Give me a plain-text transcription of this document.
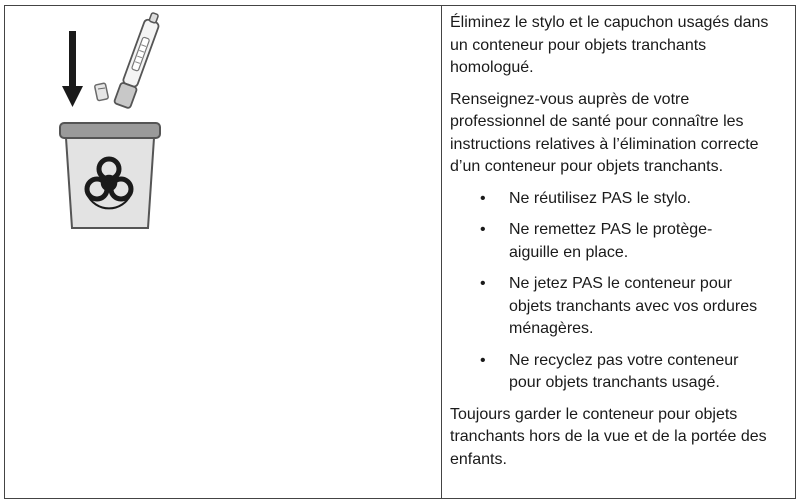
Éliminez le stylo et le capuchon usagés dans un conteneur pour objets tranchants homologué.

Renseignez-vous auprès de votre professionnel de santé pour connaître les instructions relatives à l’élimination correcte d’un conteneur pour objets tranchants.

• Ne réutilisez PAS le stylo.
• Ne remettez PAS le protège-aiguille en place.
• Ne jetez PAS le conteneur pour objets tranchants avec vos ordures ménagères.
• Ne recyclez pas votre conteneur pour objets tranchants usagé.

Toujours garder le conteneur pour objets tranchants hors de la vue et de la portée des enfants.
